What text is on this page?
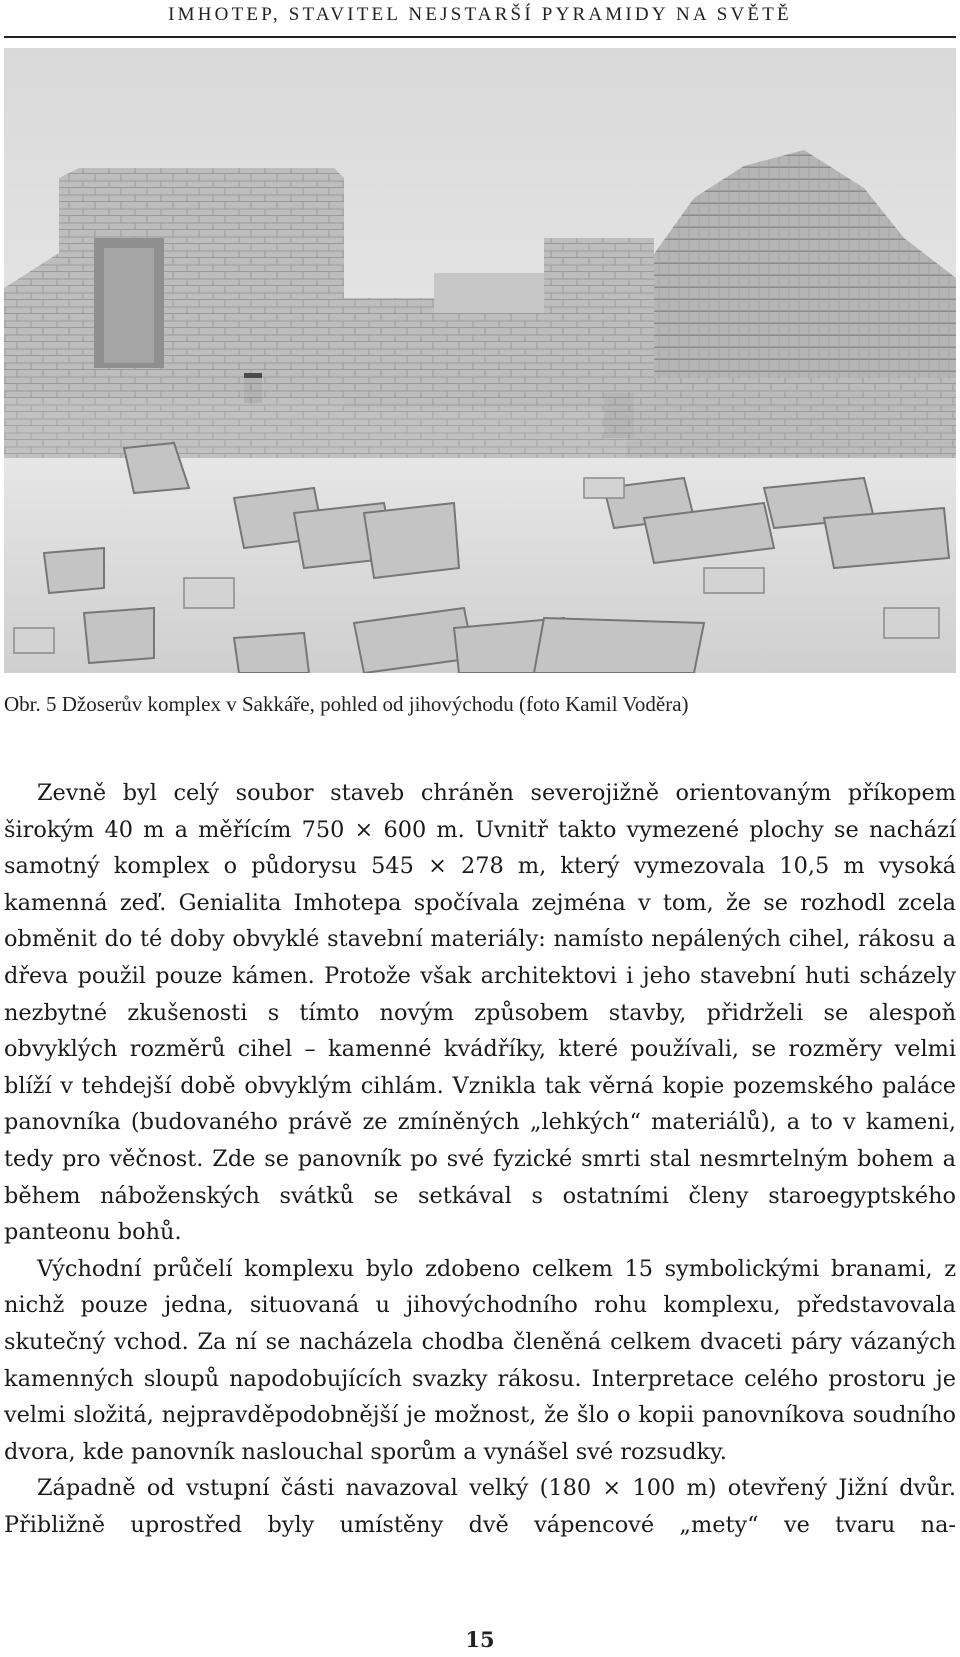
IMHOTEP, STAVITEL NEJSTARŠÍ PYRAMIDY NA SVĚTĚ
Obr. 5 Džoserův komplex v Sakkáře, pohled od jihovýchodu (foto Kamil Voděra)

Zevně byl celý soubor staveb chráněn severojižně orientovaným příkopem širokým 40 m a měřícím 750 × 600 m. Uvnitř takto vymezené plochy se nachází samotný komplex o půdorysu 545 × 278 m, který vymezovala 10,5 m vysoká kamenná zeď. Genialita Imhotepa spočívala zejména v tom, že se rozhodl zcela obměnit do té doby obvyklé stavební materiály: namísto nepálených cihel, rákosu a dřeva použil pouze kámen. Protože však architektovi i jeho stavební huti scházely nezbytné zkušenosti s tímto novým způsobem stavby, přidrželi se alespoň obvyklých rozměrů cihel – kamenné kvádříky, které používali, se rozměry velmi blíží v tehdejší době obvyklým cihlám. Vznikla tak věrná kopie pozemského paláce panovníka (budovaného právě ze zmíněných „lehkých“ materiálů), a to v kameni, tedy pro věčnost. Zde se panovník po své fyzické smrti stal nesmrtelným bohem a během náboženských svátků se setkával s ostatními členy staroegyptského panteonu bohů.

Východní průčelí komplexu bylo zdobeno celkem 15 symbolickými branami, z nichž pouze jedna, situovaná u jihovýchodního rohu komplexu, představovala skutečný vchod. Za ní se nacházela chodba členěná celkem dvaceti páry vázaných kamenných sloupů napodobujících svazky rákosu. Interpretace celého prostoru je velmi složitá, nejpravděpodobnější je možnost, že šlo o kopii panovníkova soudního dvora, kde panovník naslouchal sporům a vynášel své rozsudky.

Západně od vstupní části navazoval velký (180 × 100 m) otevřený Jižní dvůr. Přibližně uprostřed byly umístěny dvě vápencové „mety“ ve tvaru na-

15
